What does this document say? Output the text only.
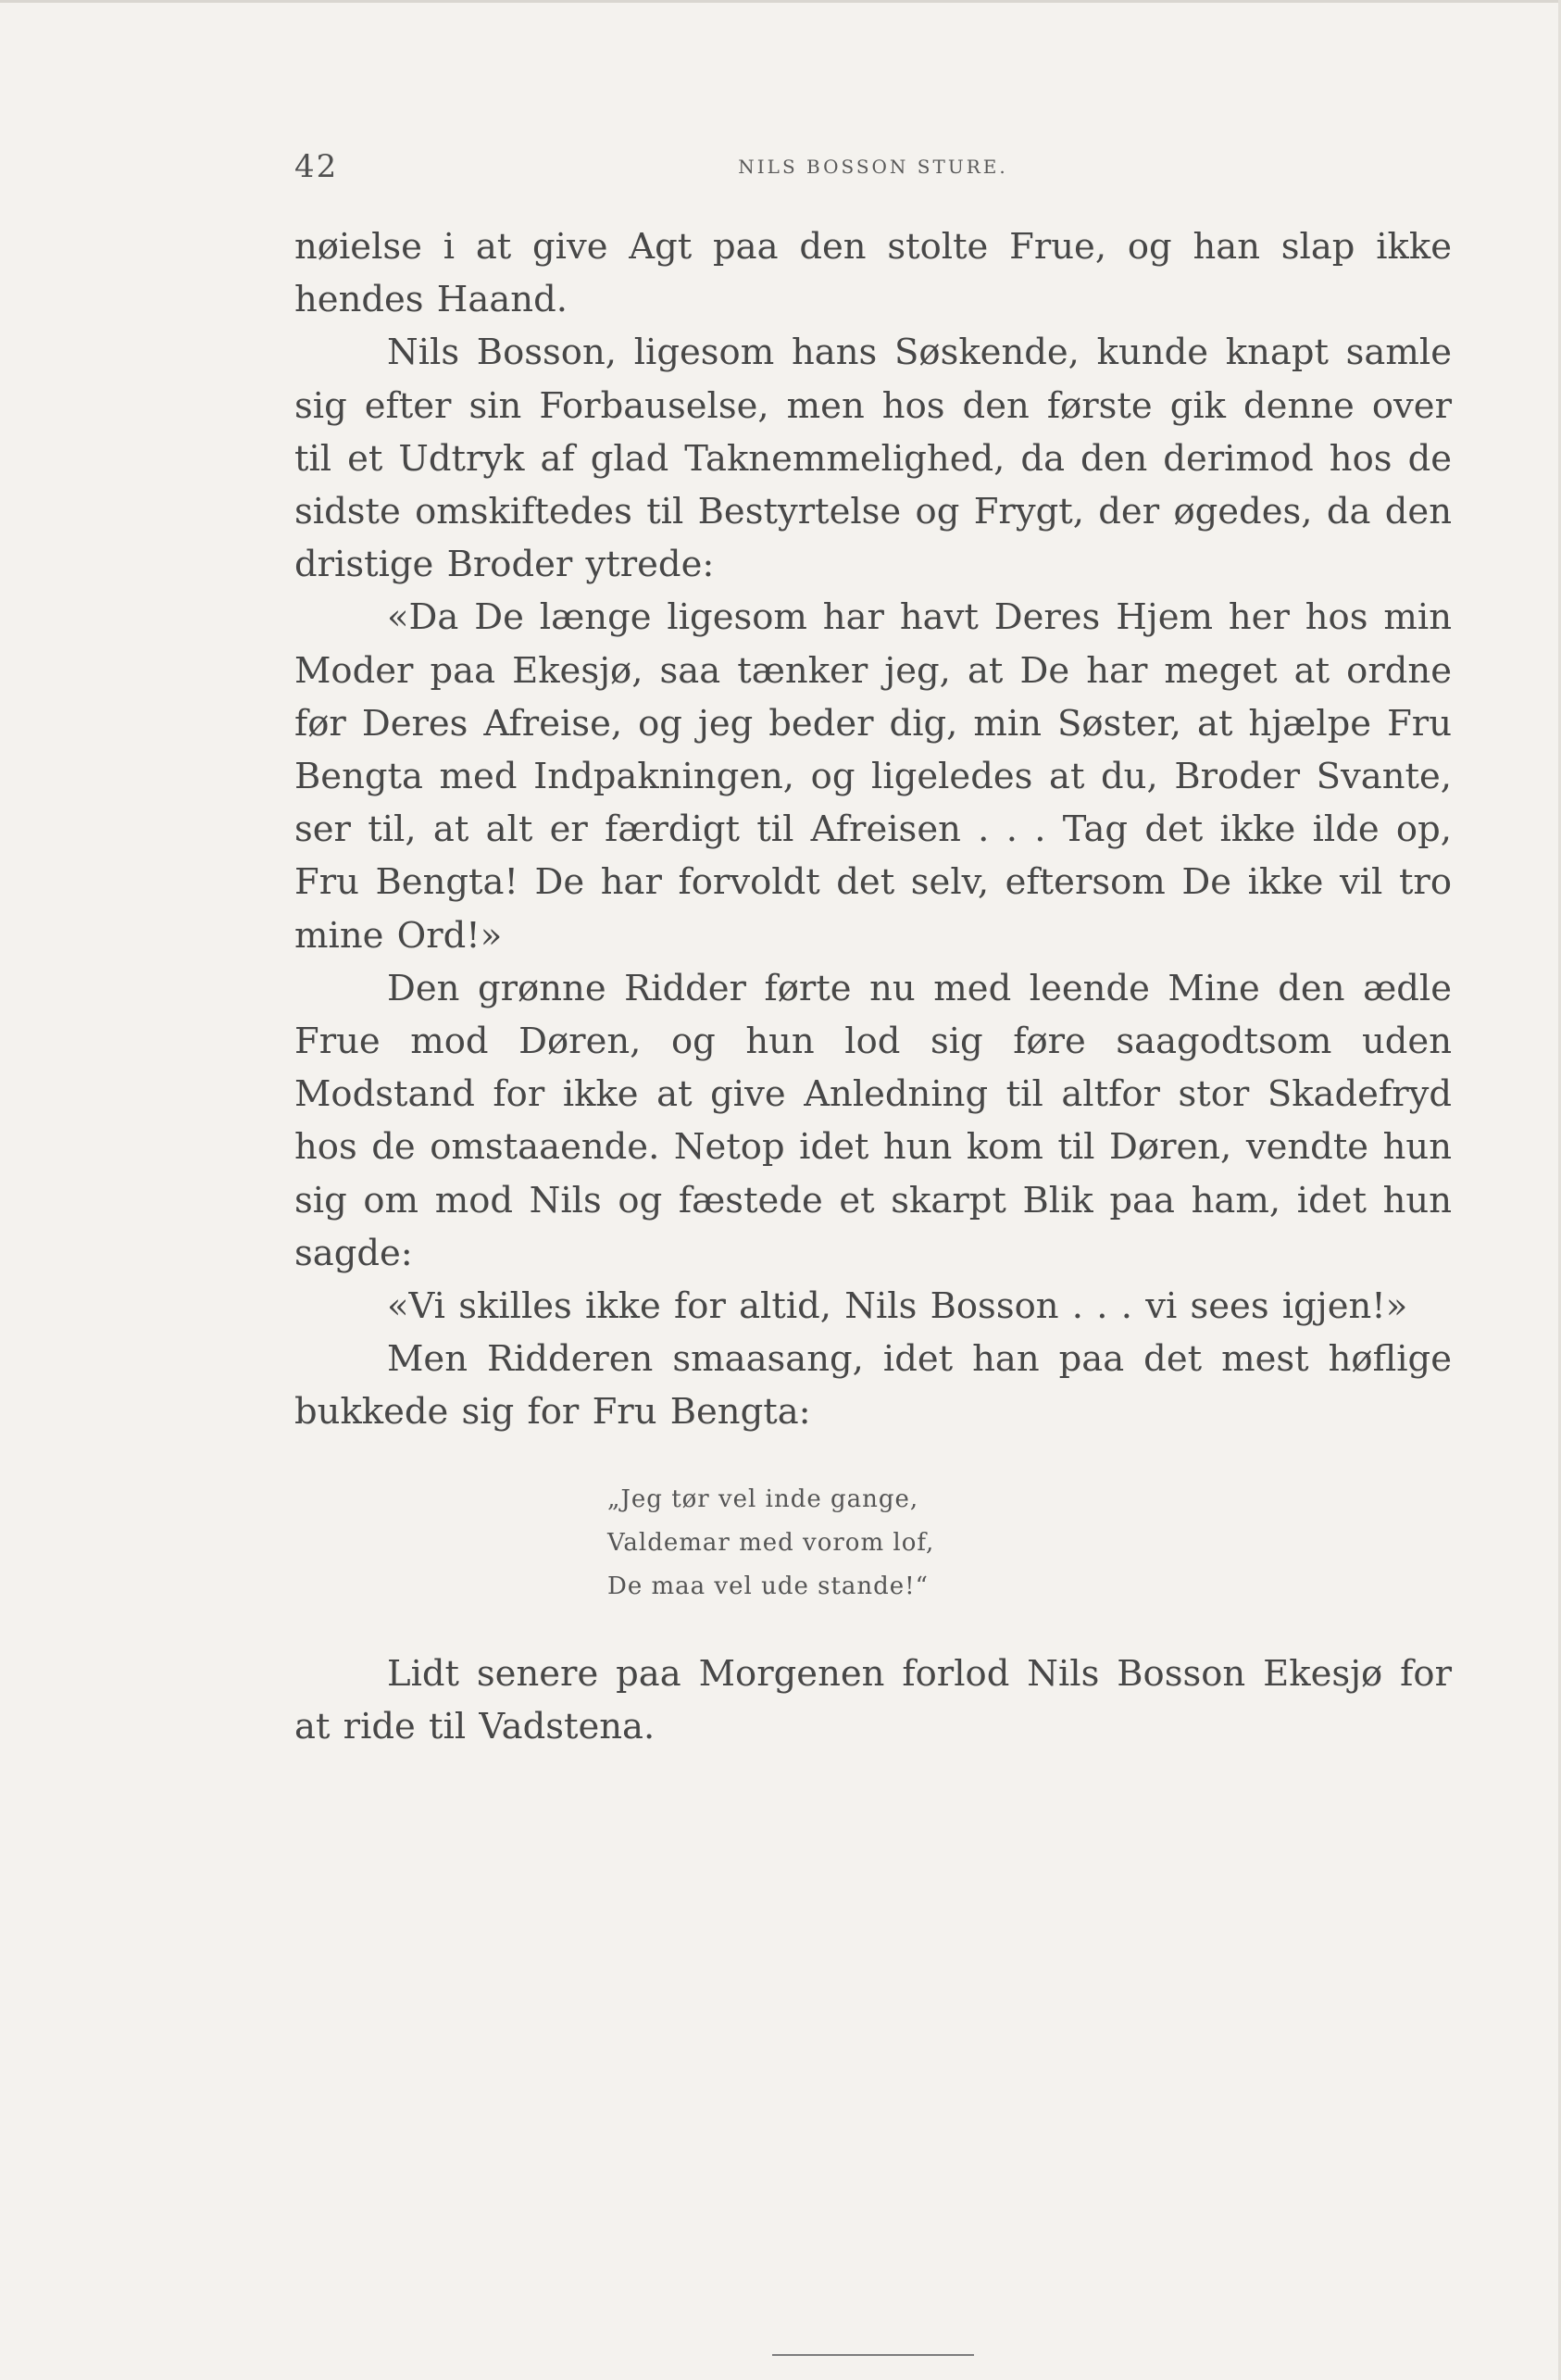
42	NILS BOSSON STURE.

nøielse i at give Agt paa den stolte Frue, og han slap ikke hendes Haand.

Nils Bosson, ligesom hans Søskende, kunde knapt samle sig efter sin Forbauselse, men hos den første gik denne over til et Udtryk af glad Taknemmelighed, da den derimod hos de sidste omskiftedes til Bestyrtelse og Frygt, der øgedes, da den dristige Broder ytrede:

«Da De længe ligesom har havt Deres Hjem her hos min Moder paa Ekesjø, saa tænker jeg, at De har meget at ordne før Deres Afreise, og jeg beder dig, min Søster, at hjælpe Fru Bengta med Indpakningen, og ligeledes at du, Broder Svante, ser til, at alt er færdigt til Afreisen . . . Tag det ikke ilde op, Fru Bengta! De har forvoldt det selv, eftersom De ikke vil tro mine Ord!»

Den grønne Ridder førte nu med leende Mine den ædle Frue mod Døren, og hun lod sig føre saagodtsom uden Modstand for ikke at give Anledning til altfor stor Skadefryd hos de omstaaende. Netop idet hun kom til Døren, vendte hun sig om mod Nils og fæstede et skarpt Blik paa ham, idet hun sagde:

«Vi skilles ikke for altid, Nils Bosson . . . vi sees igjen!»

Men Ridderen smaasang, idet han paa det mest høflige bukkede sig for Fru Bengta:

„Jeg tør vel inde gange,
Valdemar med vorom lof,
De maa vel ude stande!“

Lidt senere paa Morgenen forlod Nils Bosson Ekesjø for at ride til Vadstena.
